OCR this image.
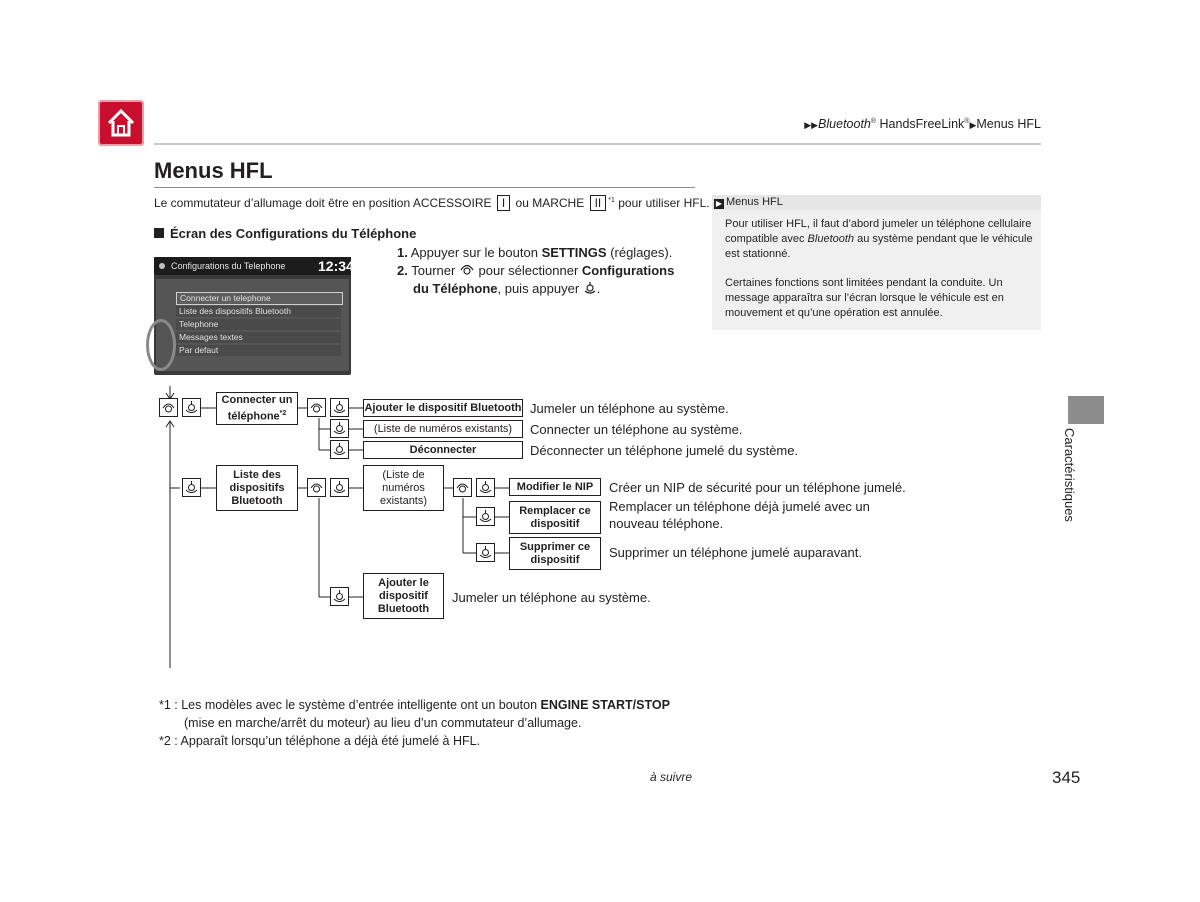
▶▶Bluetooth® HandsFreeLink®▶Menus HFL
Menus HFL
Le commutateur d’allumage doit être en position ACCESSOIRE I ou MARCHE II $^{*1}$ pour utiliser HFL.
Écran des Configurations du Téléphone
Configurations du Telephone 12:34
Connecter un telephone
Liste des dispositifs Bluetooth
Telephone
Messages textes
Par defaut
1. Appuyer sur le bouton SETTINGS (réglages).
2. Tourner  pour sélectionner Configurations
du Téléphone, puis appuyer .
▶ Menus HFL
Pour utiliser HFL, il faut d’abord jumeler un téléphone cellulaire compatible avec Bluetooth au système pendant que le véhicule est stationné.
Certaines fonctions sont limitées pendant la conduite. Un message apparaîtra sur l’écran lorsque le véhicule est en mouvement et qu’une opération est annulée.
Caractéristiques
Connecter un
téléphone$^{*2}$	Ajouter le dispositif Bluetooth
(Liste de numéros existants)
Déconnecter
Liste des
dispositifs
Bluetooth
(Liste de
numéros
existants)
Modifier le NIP
Remplacer ce
dispositif
Supprimer ce
dispositif
Ajouter le
dispositif
Bluetooth
Jumeler un téléphone au système.
Connecter un téléphone au système.
Déconnecter un téléphone jumelé du système.
Créer un NIP de sécurité pour un téléphone jumelé.
Remplacer un téléphone déjà jumelé avec un
nouveau téléphone.
Supprimer un téléphone jumelé auparavant.
Jumeler un téléphone au système.
*1 : Les modèles avec le système d’entrée intelligente ont un bouton ENGINE START/STOP
(mise en marche/arrêt du moteur) au lieu d’un commutateur d’allumage.
*2 : Apparaît lorsqu’un téléphone a déjà été jumelé à HFL.
à suivre	345
